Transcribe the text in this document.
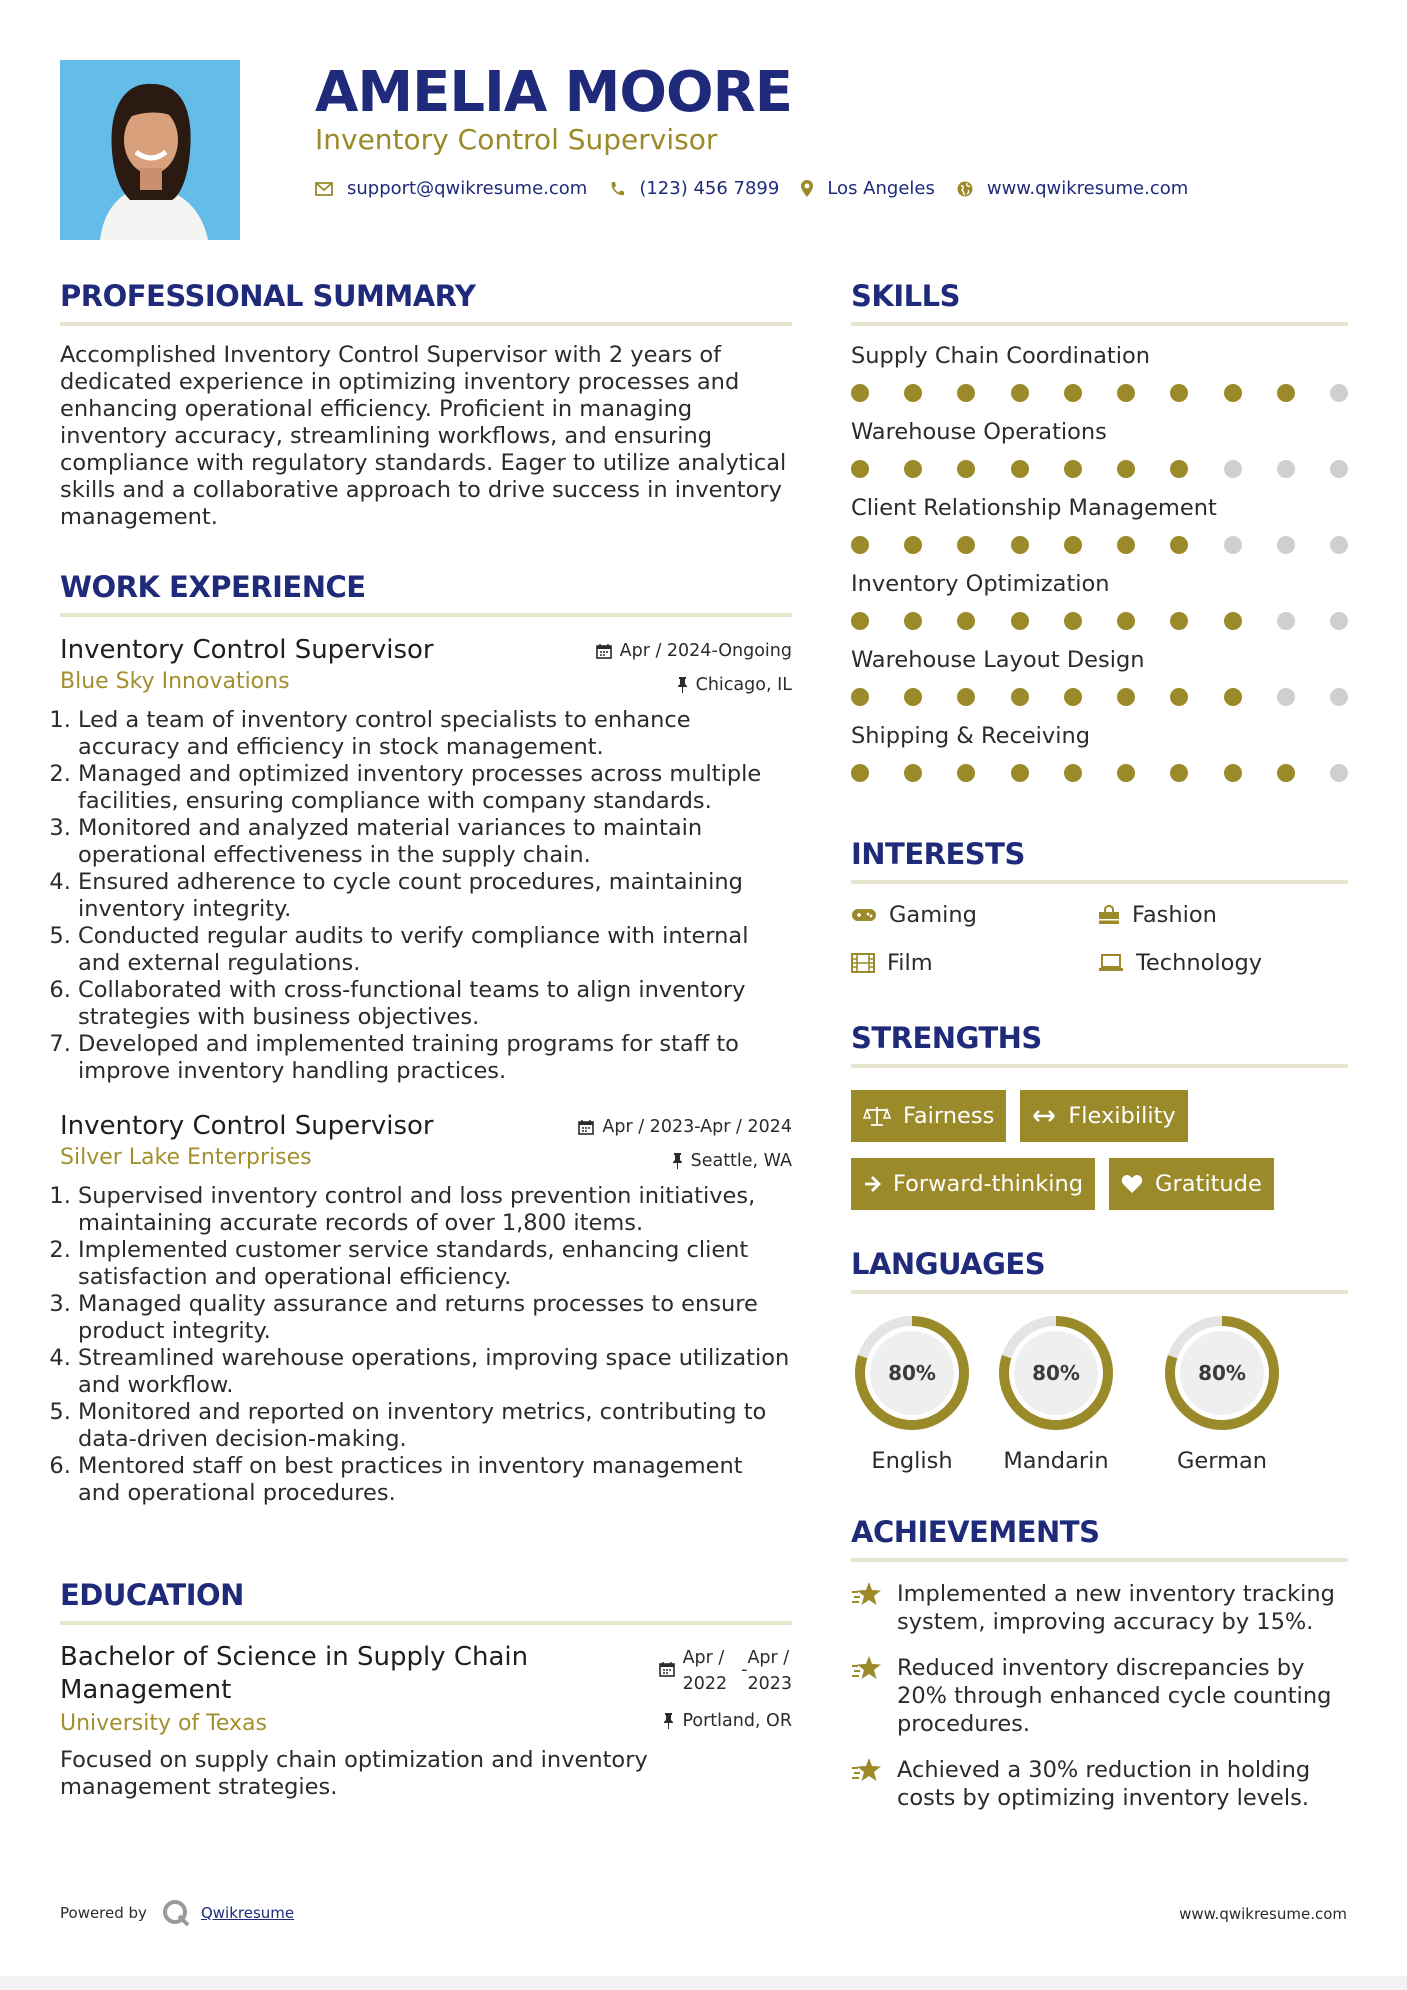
AMELIA MOORE
Inventory Control Supervisor
support@qwikresume.com	(123) 456 7899	Los Angeles	www.qwikresume.com
PROFESSIONAL SUMMARY

Accomplished Inventory Control Supervisor with 2 years of dedicated experience in optimizing inventory processes and enhancing operational efficiency. Proficient in managing inventory accuracy, streamlining workflows, and ensuring compliance with regulatory standards. Eager to utilize analytical skills and a collaborative approach to drive success in inventory management.

WORK EXPERIENCE
Apr / 2024-Ongoing
Chicago, IL
Inventory Control Supervisor
Blue Sky Innovations
1. Led a team of inventory control specialists to enhance accuracy and efficiency in stock management.
2. Managed and optimized inventory processes across multiple facilities, ensuring compliance with company standards.
3. Monitored and analyzed material variances to maintain operational effectiveness in the supply chain.
4. Ensured adherence to cycle count procedures, maintaining inventory integrity.
5. Conducted regular audits to verify compliance with internal and external regulations.
6. Collaborated with cross-functional teams to align inventory strategies with business objectives.
7. Developed and implemented training programs for staff to improve inventory handling practices.
Apr / 2023-Apr / 2024
Seattle, WA
Inventory Control Supervisor
Silver Lake Enterprises
1. Supervised inventory control and loss prevention initiatives, maintaining accurate records of over 1,800 items.
2. Implemented customer service standards, enhancing client satisfaction and operational efficiency.
3. Managed quality assurance and returns processes to ensure product integrity.
4. Streamlined warehouse operations, improving space utilization and workflow.
5. Monitored and reported on inventory metrics, contributing to data-driven decision-making.
6. Mentored staff on best practices in inventory management and operational procedures.
EDUCATION
Apr /
2022
-
Apr /
2023
Bachelor of Science in Supply Chain Management
Portland, OR
University of Texas

Focused on supply chain optimization and inventory management strategies.

SKILLS
Supply Chain Coordination
Warehouse Operations
Client Relationship Management
Inventory Optimization
Warehouse Layout Design
Shipping & Receiving
INTERESTS
Gaming	Fashion
Film	Technology
STRENGTHS
Fairness	Flexibility
Forward-thinking	Gratitude
LANGUAGES
80%
English
80%
Mandarin
80%
German
ACHIEVEMENTS
Implemented a new inventory tracking system, improving accuracy by 15%.
Reduced inventory discrepancies by 20% through enhanced cycle counting procedures.
Achieved a 30% reduction in holding costs by optimizing inventory levels.
Powered by	Qwikresume	www.qwikresume.com
